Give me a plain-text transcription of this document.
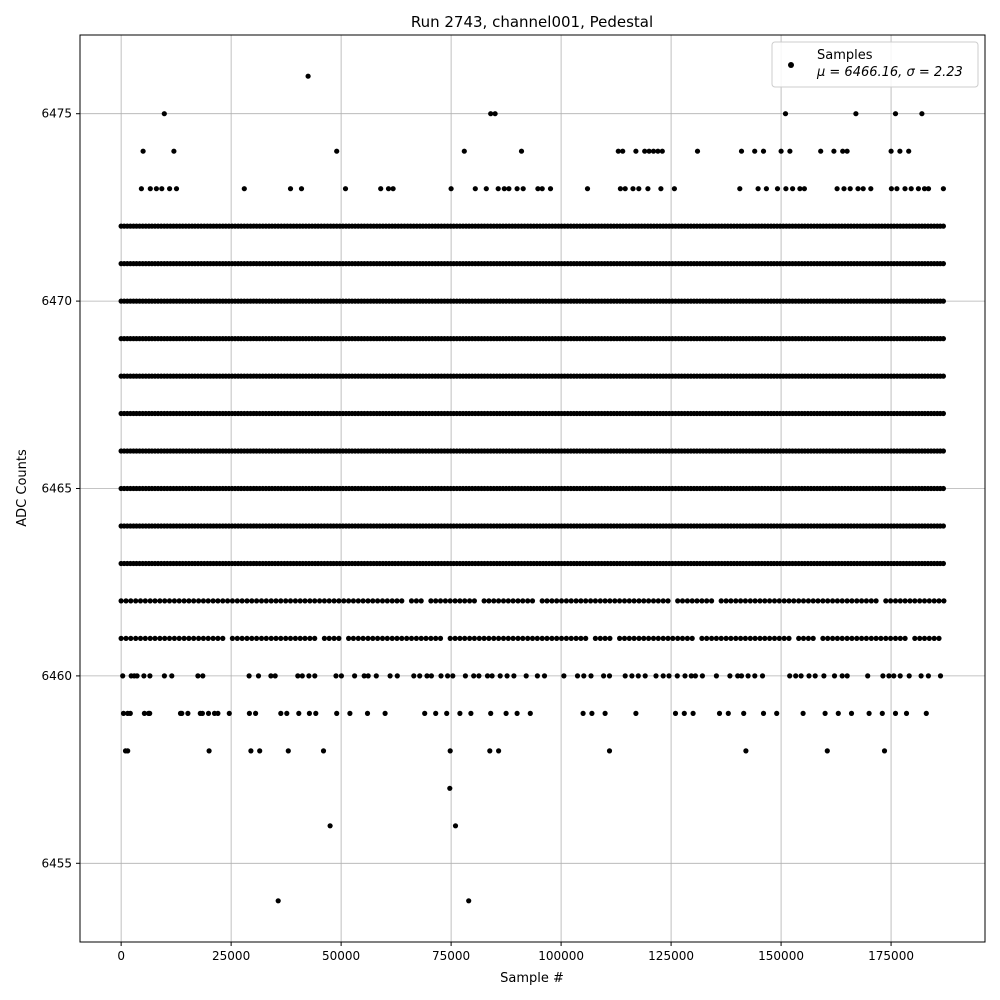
Run 2743, channel001, Pedestal
0	25000	50000	75000	100000	125000	150000	175000
6455
6460
6465
6470
6475
Sample #
ADC Counts
Samples
μ = 6466.16, σ = 2.23
